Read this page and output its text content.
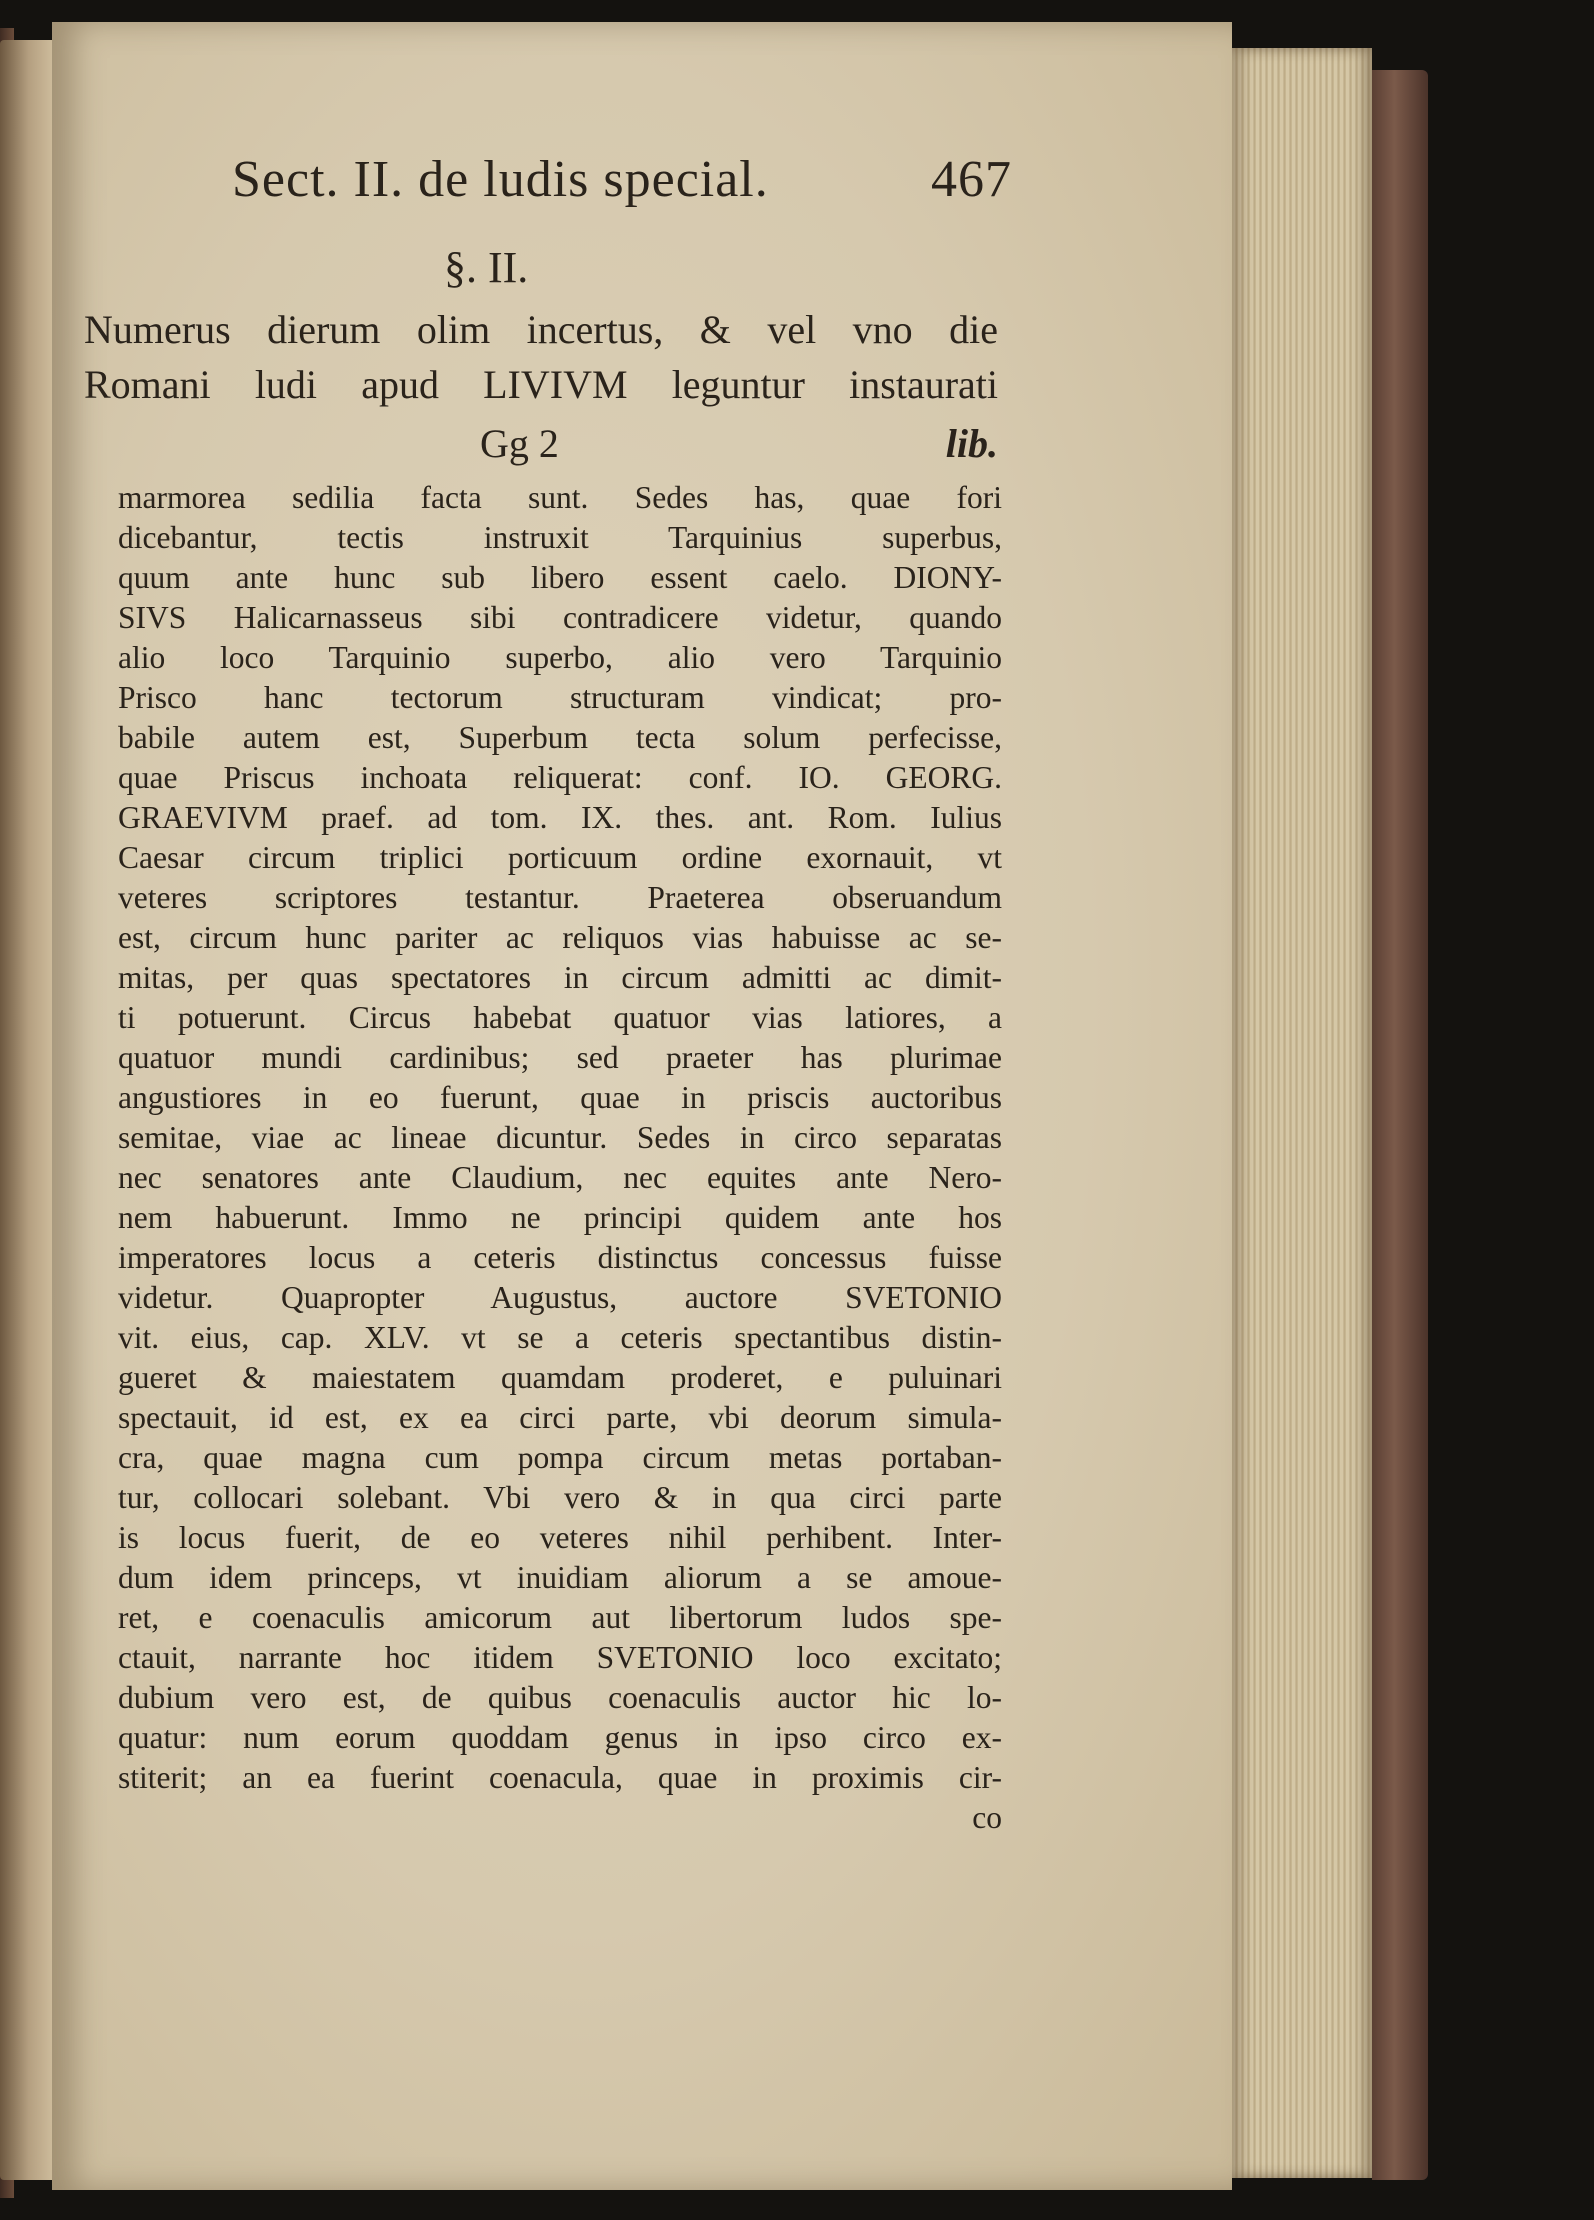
Sect. II. de ludis special.	467
§. II.
Numerus dierum olim incertus, & vel vno die
Romani ludi apud LIVIVM leguntur instaurati
Gg 2	lib.
marmorea sedilia facta sunt. Sedes has, quae fori
dicebantur, tectis instruxit Tarquinius superbus,
quum ante hunc sub libero essent caelo. DIONY-
SIVS Halicarnasseus sibi contradicere videtur, quando
alio loco Tarquinio superbo, alio vero Tarquinio
Prisco hanc tectorum structuram vindicat; pro-
babile autem est, Superbum tecta solum perfecisse,
quae Priscus inchoata reliquerat: conf. IO. GEORG.
GRAEVIVM praef. ad tom. IX. thes. ant. Rom. Iulius
Caesar circum triplici porticuum ordine exornauit, vt
veteres scriptores testantur. Praeterea obseruandum
est, circum hunc pariter ac reliquos vias habuisse ac se-
mitas, per quas spectatores in circum admitti ac dimit-
ti potuerunt. Circus habebat quatuor vias latiores, a
quatuor mundi cardinibus; sed praeter has plurimae
angustiores in eo fuerunt, quae in priscis auctoribus
semitae, viae ac lineae dicuntur. Sedes in circo separatas
nec senatores ante Claudium, nec equites ante Nero-
nem habuerunt. Immo ne principi quidem ante hos
imperatores locus a ceteris distinctus concessus fuisse
videtur. Quapropter Augustus, auctore SVETONIO
vit. eius, cap. XLV. vt se a ceteris spectantibus distin-
gueret & maiestatem quamdam proderet, e puluinari
spectauit, id est, ex ea circi parte, vbi deorum simula-
cra, quae magna cum pompa circum metas portaban-
tur, collocari solebant. Vbi vero & in qua circi parte
is locus fuerit, de eo veteres nihil perhibent. Inter-
dum idem princeps, vt inuidiam aliorum a se amoue-
ret, e coenaculis amicorum aut libertorum ludos spe-
ctauit, narrante hoc itidem SVETONIO loco excitato;
dubium vero est, de quibus coenaculis auctor hic lo-
quatur: num eorum quoddam genus in ipso circo ex-
stiterit; an ea fuerint coenacula, quae in proximis cir-
co
